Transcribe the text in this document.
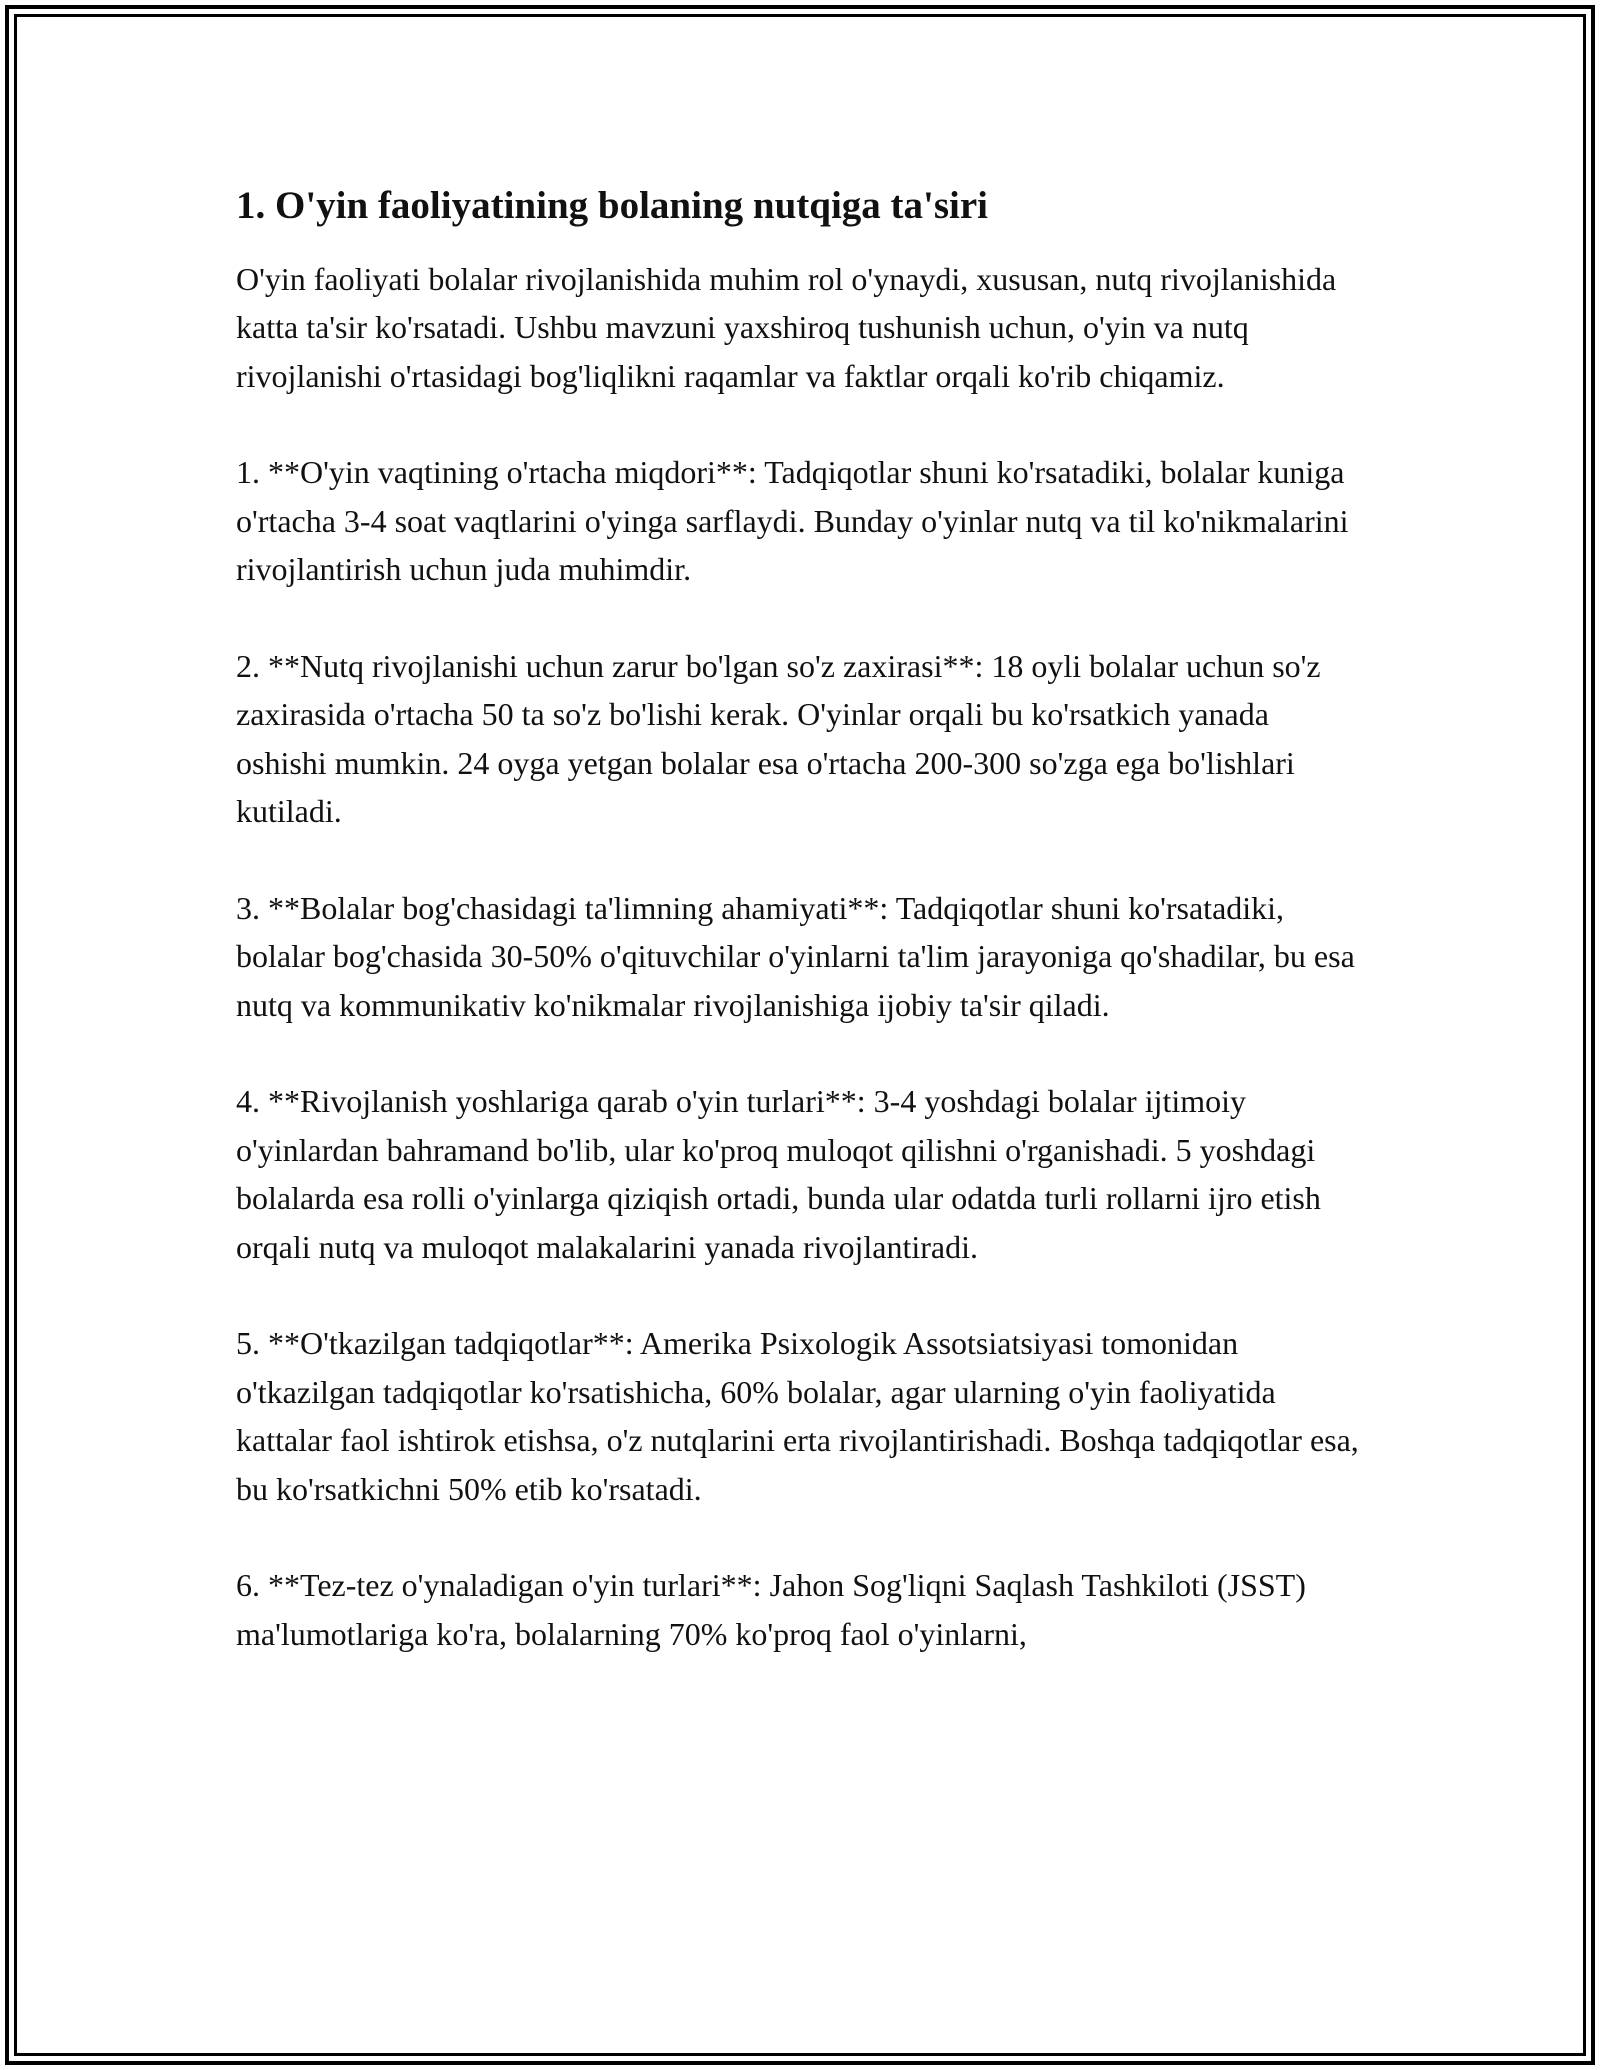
1. O'yin faoliyatining bolaning nutqiga ta'siri

O'yin faoliyati bolalar rivojlanishida muhim rol o'ynaydi, xususan, nutq rivojlanishida katta ta'sir ko'rsatadi. Ushbu mavzuni yaxshiroq tushunish uchun, o'yin va nutq rivojlanishi o'rtasidagi bog'liqlikni raqamlar va faktlar orqali ko'rib chiqamiz.

1. **O'yin vaqtining o'rtacha miqdori**: Tadqiqotlar shuni ko'rsatadiki, bolalar kuniga o'rtacha 3-4 soat vaqtlarini o'yinga sarflaydi. Bunday o'yinlar nutq va til ko'nikmalarini rivojlantirish uchun juda muhimdir.

2. **Nutq rivojlanishi uchun zarur bo'lgan so'z zaxirasi**: 18 oyli bolalar uchun so'z zaxirasida o'rtacha 50 ta so'z bo'lishi kerak. O'yinlar orqali bu ko'rsatkich yanada oshishi mumkin. 24 oyga yetgan bolalar esa o'rtacha 200-300 so'zga ega bo'lishlari kutiladi.

3. **Bolalar bog'chasidagi ta'limning ahamiyati**: Tadqiqotlar shuni ko'rsatadiki, bolalar bog'chasida 30-50% o'qituvchilar o'yinlarni ta'lim jarayoniga qo'shadilar, bu esa nutq va kommunikativ ko'nikmalar rivojlanishiga ijobiy ta'sir qiladi.

4. **Rivojlanish yoshlariga qarab o'yin turlari**: 3-4 yoshdagi bolalar ijtimoiy o'yinlardan bahramand bo'lib, ular ko'proq muloqot qilishni o'rganishadi. 5 yoshdagi bolalarda esa rolli o'yinlarga qiziqish ortadi, bunda ular odatda turli rollarni ijro etish orqali nutq va muloqot malakalarini yanada rivojlantiradi.

5. **O'tkazilgan tadqiqotlar**: Amerika Psixologik Assotsiatsiyasi tomonidan o'tkazilgan tadqiqotlar ko'rsatishicha, 60% bolalar, agar ularning o'yin faoliyatida kattalar faol ishtirok etishsa, o'z nutqlarini erta rivojlantirishadi. Boshqa tadqiqotlar esa, bu ko'rsatkichni 50% etib ko'rsatadi.

6. **Tez-tez o'ynaladigan o'yin turlari**: Jahon Sog'liqni Saqlash Tashkiloti (JSST) ma'lumotlariga ko'ra, bolalarning 70% ko'proq faol o'yinlarni,
